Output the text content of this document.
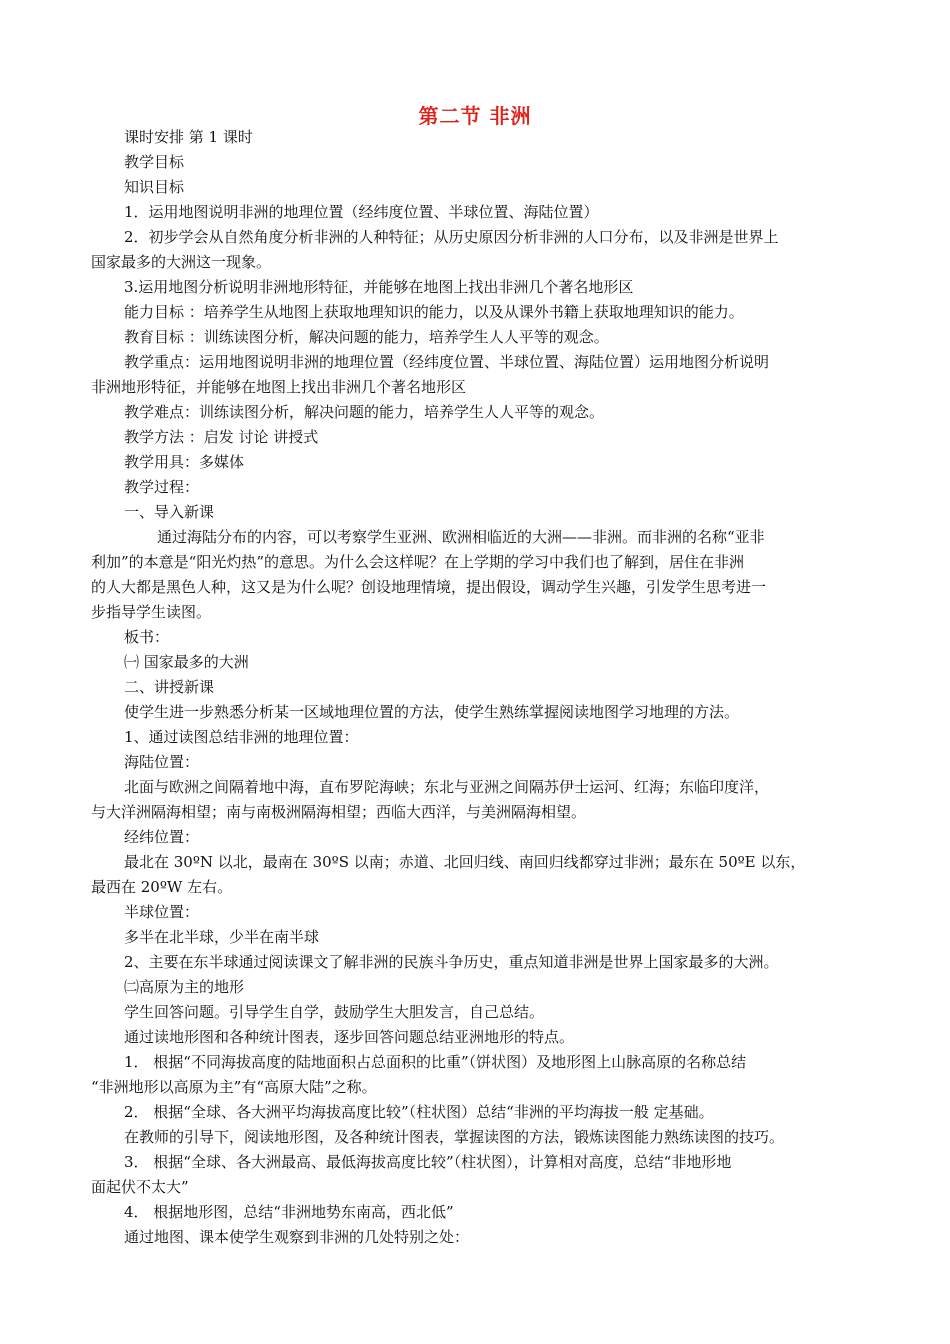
第二节 非洲
课时安排 第 1 课时
教学目标
知识目标
1．运用地图说明非洲的地理位置（经纬度位置、半球位置、海陆位置）
2．初步学会从自然角度分析非洲的人种特征；从历史原因分析非洲的人口分布，以及非洲是世界上
国家最多的大洲这一现象。
3.运用地图分析说明非洲地形特征，并能够在地图上找出非洲几个著名地形区
能力目标 ：培养学生从地图上获取地理知识的能力，以及从课外书籍上获取地理知识的能力。
教育目标 ：训练读图分析，解决问题的能力，培养学生人人平等的观念。
教学重点：运用地图说明非洲的地理位置（经纬度位置、半球位置、海陆位置）运用地图分析说明
非洲地形特征，并能够在地图上找出非洲几个著名地形区
教学难点：训练读图分析，解决问题的能力，培养学生人人平等的观念。
教学方法 ：启发 讨论 讲授式
教学用具：多媒体
教学过程：
一、导入新课
通过海陆分布的内容，可以考察学生亚洲、欧洲相临近的大洲——非洲。而非洲的名称“亚非
利加”的本意是“阳光灼热”的意思。为什么会这样呢？在上学期的学习中我们也了解到，居住在非洲
的人大都是黑色人种，这又是为什么呢？创设地理情境，提出假设，调动学生兴趣，引发学生思考进一
步指导学生读图。
板书：
㈠ 国家最多的大洲
二、讲授新课
使学生进一步熟悉分析某一区域地理位置的方法，使学生熟练掌握阅读地图学习地理的方法。
1、通过读图总结非洲的地理位置：
海陆位置：
北面与欧洲之间隔着地中海，直布罗陀海峡；东北与亚洲之间隔苏伊士运河、红海；东临印度洋，
与大洋洲隔海相望；南与南极洲隔海相望；西临大西洋，与美洲隔海相望。
经纬位置：
最北在 30ºN 以北，最南在 30ºS 以南；赤道、北回归线、南回归线都穿过非洲；最东在 50ºE 以东，
最西在 20ºW 左右。
半球位置：
多半在北半球，少半在南半球
2、主要在东半球通过阅读课文了解非洲的民族斗争历史，重点知道非洲是世界上国家最多的大洲。
㈡高原为主的地形
学生回答问题。引导学生自学，鼓励学生大胆发言，自己总结。
通过读地形图和各种统计图表，逐步回答问题总结亚洲地形的特点。
1． 根据“不同海拔高度的陆地面积占总面积的比重”（饼状图）及地形图上山脉高原的名称总结
“非洲地形以高原为主”有“高原大陆”之称。
2． 根据“全球、各大洲平均海拔高度比较”（柱状图）总结“非洲的平均海拔一般 定基础。
在教师的引导下，阅读地形图，及各种统计图表，掌握读图的方法，锻炼读图能力熟练读图的技巧。
3． 根据“全球、各大洲最高、最低海拔高度比较”（柱状图），计算相对高度，总结“非地形地
面起伏不太大”
4． 根据地形图，总结“非洲地势东南高，西北低”
通过地图、课本使学生观察到非洲的几处特别之处：
